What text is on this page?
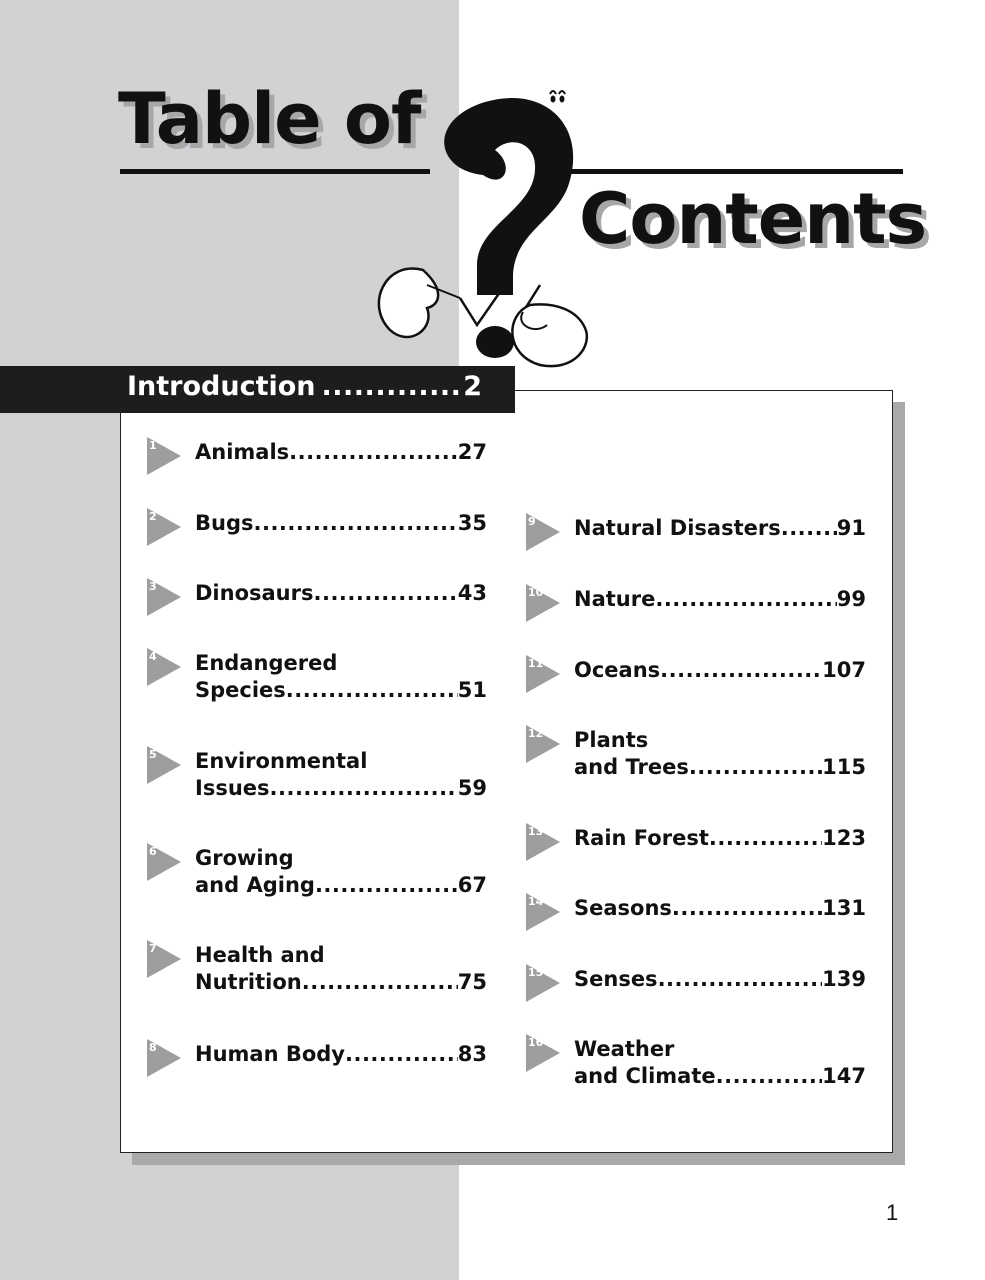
Table of
Contents
Introduction .....	2
1 Animals .....	27
2 Bugs .....	35
3 Dinosaurs .....	43
4 Endangered
Species .....	51
5 Environmental
Issues .....	59
6 Growing
and Aging .....	67
7 Health and
Nutrition .....	75
8 Human Body .....	83
9 Natural Disasters .....	91
10 Nature .....	99
11 Oceans .....	107
12 Plants
and Trees .....	115
13 Rain Forest .....	123
14 Seasons .....	131
15 Senses .....	139
16 Weather
and Climate .....	147
1
